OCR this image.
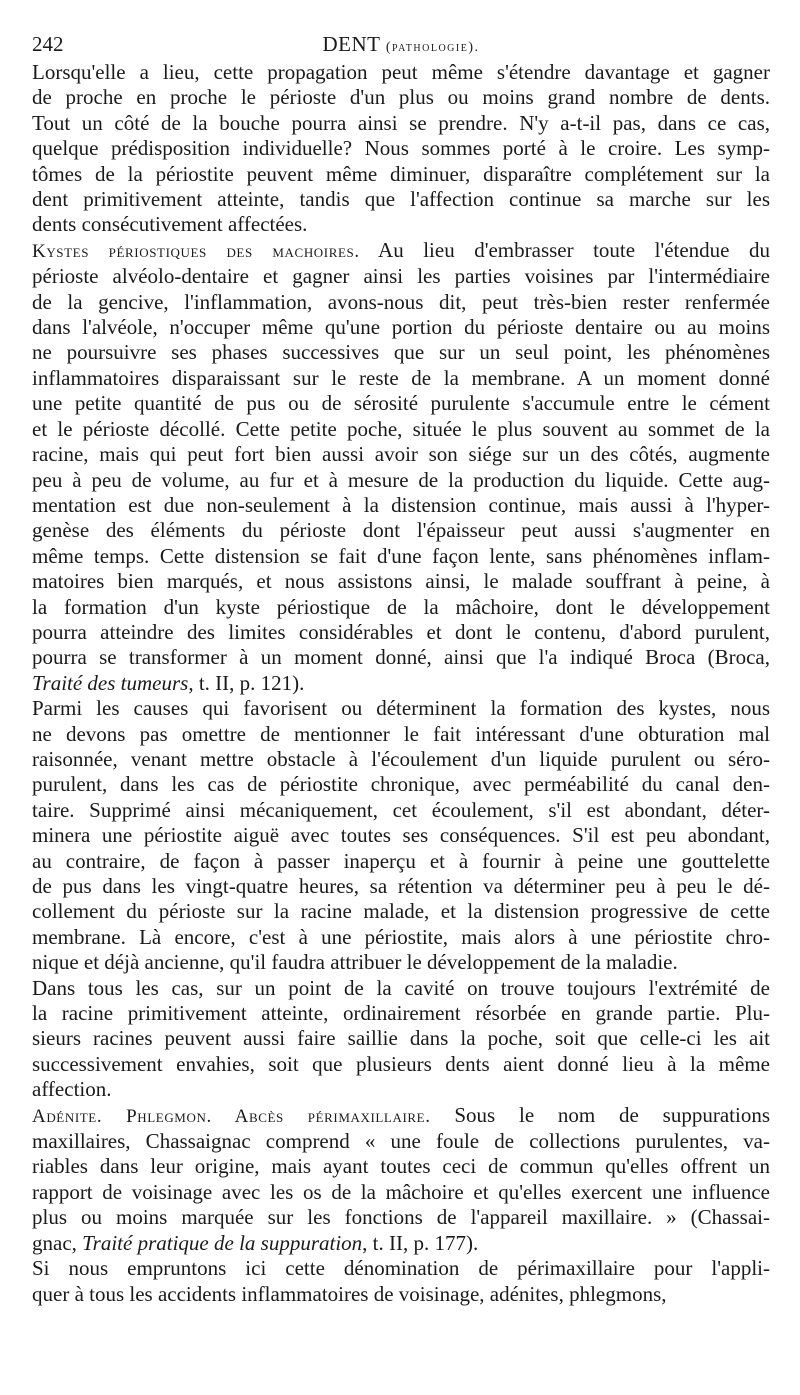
242	DENT (pathologie).
Lorsqu'elle a lieu, cette propagation peut même s'étendre davantage et gagner
de proche en proche le périoste d'un plus ou moins grand nombre de dents.
Tout un côté de la bouche pourra ainsi se prendre. N'y a-t-il pas, dans ce cas,
quelque prédisposition individuelle? Nous sommes porté à le croire. Les symp-
tômes de la périostite peuvent même diminuer, disparaître complétement sur la
dent primitivement atteinte, tandis que l'affection continue sa marche sur les
dents consécutivement affectées.
Kystes périostiques des machoires. Au lieu d'embrasser toute l'étendue du
périoste alvéolo-dentaire et gagner ainsi les parties voisines par l'intermédiaire
de la gencive, l'inflammation, avons-nous dit, peut très-bien rester renfermée
dans l'alvéole, n'occuper même qu'une portion du périoste dentaire ou au moins
ne poursuivre ses phases successives que sur un seul point, les phénomènes
inflammatoires disparaissant sur le reste de la membrane. A un moment donné
une petite quantité de pus ou de sérosité purulente s'accumule entre le cément
et le périoste décollé. Cette petite poche, située le plus souvent au sommet de la
racine, mais qui peut fort bien aussi avoir son siége sur un des côtés, augmente
peu à peu de volume, au fur et à mesure de la production du liquide. Cette aug-
mentation est due non-seulement à la distension continue, mais aussi à l'hyper-
genèse des éléments du périoste dont l'épaisseur peut aussi s'augmenter en
même temps. Cette distension se fait d'une façon lente, sans phénomènes inflam-
matoires bien marqués, et nous assistons ainsi, le malade souffrant à peine, à
la formation d'un kyste périostique de la mâchoire, dont le développement
pourra atteindre des limites considérables et dont le contenu, d'abord purulent,
pourra se transformer à un moment donné, ainsi que l'a indiqué Broca (Broca,
Traité des tumeurs, t. II, p. 121).
Parmi les causes qui favorisent ou déterminent la formation des kystes, nous
ne devons pas omettre de mentionner le fait intéressant d'une obturation mal
raisonnée, venant mettre obstacle à l'écoulement d'un liquide purulent ou séro-
purulent, dans les cas de périostite chronique, avec perméabilité du canal den-
taire. Supprimé ainsi mécaniquement, cet écoulement, s'il est abondant, déter-
minera une périostite aiguë avec toutes ses conséquences. S'il est peu abondant,
au contraire, de façon à passer inaperçu et à fournir à peine une gouttelette
de pus dans les vingt-quatre heures, sa rétention va déterminer peu à peu le dé-
collement du périoste sur la racine malade, et la distension progressive de cette
membrane. Là encore, c'est à une périostite, mais alors à une périostite chro-
nique et déjà ancienne, qu'il faudra attribuer le développement de la maladie.
Dans tous les cas, sur un point de la cavité on trouve toujours l'extrémité de
la racine primitivement atteinte, ordinairement résorbée en grande partie. Plu-
sieurs racines peuvent aussi faire saillie dans la poche, soit que celle-ci les ait
successivement envahies, soit que plusieurs dents aient donné lieu à la même
affection.
Adénite. Phlegmon. Abcès périmaxillaire. Sous le nom de suppurations
maxillaires, Chassaignac comprend « une foule de collections purulentes, va-
riables dans leur origine, mais ayant toutes ceci de commun qu'elles offrent un
rapport de voisinage avec les os de la mâchoire et qu'elles exercent une influence
plus ou moins marquée sur les fonctions de l'appareil maxillaire. » (Chassai-
gnac, Traité pratique de la suppuration, t. II, p. 177).
Si nous empruntons ici cette dénomination de périmaxillaire pour l'appli-
quer à tous les accidents inflammatoires de voisinage, adénites, phlegmons,
